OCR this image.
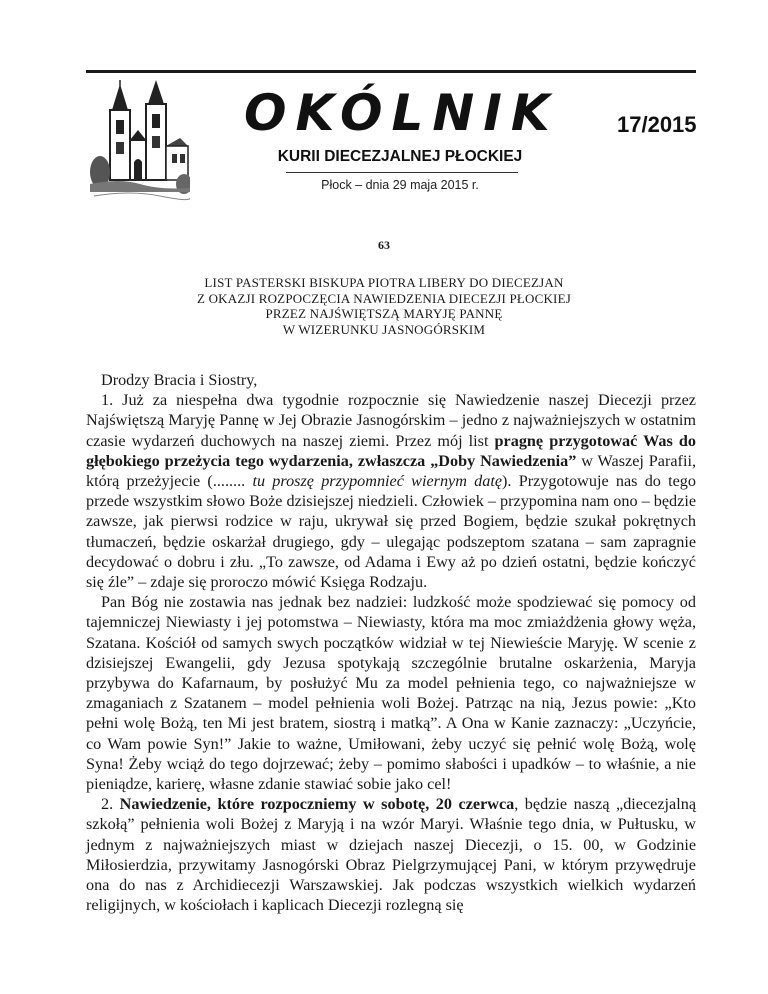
OKÓLNIK	17/2015
KURII DIECEZJALNEJ PŁOCKIEJ
Płock – dnia 29 maja 2015 r.
63
LIST PASTERSKI BISKUPA PIOTRA LIBERY DO DIECEZJAN
Z OKAZJI ROZPOCZĘCIA NAWIEDZENIA DIECEZJI PŁOCKIEJ
PRZEZ NAJŚWIĘTSZĄ MARYJĘ PANNĘ
W WIZERUNKU JASNOGÓRSKIM

Drodzy Bracia i Siostry,

1. Już za niespełna dwa tygodnie rozpocznie się Nawiedzenie naszej Diecezji przez Najświętszą Maryję Pannę w Jej Obrazie Jasnogórskim – jedno z najważniejszych w ostatnim czasie wydarzeń duchowych na naszej ziemi. Przez mój list pragnę przygotować Was do głębokiego przeżycia tego wydarzenia, zwłaszcza „Doby Nawiedzenia” w Waszej Parafii, którą przeżyjecie (........ tu proszę przypomnieć wiernym datę). Przygotowuje nas do tego przede wszystkim słowo Boże dzisiejszej niedzieli. Człowiek – przypomina nam ono – będzie zawsze, jak pierwsi rodzice w raju, ukrywał się przed Bogiem, będzie szukał pokrętnych tłumaczeń, będzie oskarżał drugiego, gdy – ulegając podszeptom szatana – sam zapragnie decydować o dobru i złu. „To zawsze, od Adama i Ewy aż po dzień ostatni, będzie kończyć się źle” – zdaje się proroczo mówić Księga Rodzaju.

Pan Bóg nie zostawia nas jednak bez nadziei: ludzkość może spodziewać się pomocy od tajemniczej Niewiasty i jej potomstwa – Niewiasty, która ma moc zmiażdżenia głowy węża, Szatana. Kościół od samych swych początków widział w tej Niewieście Maryję. W scenie z dzisiejszej Ewangelii, gdy Jezusa spotykają szczególnie brutalne oskarżenia, Maryja przybywa do Kafarnaum, by posłużyć Mu za model pełnienia tego, co najważniejsze w zmaganiach z Szatanem – model pełnienia woli Bożej. Patrząc na nią, Jezus powie: „Kto pełni wolę Bożą, ten Mi jest bratem, siostrą i matką”. A Ona w Kanie zaznaczy: „Uczyńcie, co Wam powie Syn!” Jakie to ważne, Umiłowani, żeby uczyć się pełnić wolę Bożą, wolę Syna! Żeby wciąż do tego dojrzewać; żeby – pomimo słabości i upadków – to właśnie, a nie pieniądze, karierę, własne zdanie stawiać sobie jako cel!

2. Nawiedzenie, które rozpoczniemy w sobotę, 20 czerwca, będzie naszą „diecezjalną szkołą” pełnienia woli Bożej z Maryją i na wzór Maryi. Właśnie tego dnia, w Pułtusku, w jednym z najważniejszych miast w dziejach naszej Diecezji, o 15. 00, w Godzinie Miłosierdzia, przywitamy Jasnogórski Obraz Pielgrzymującej Pani, w którym przywędruje ona do nas z Archidiecezji Warszawskiej. Jak podczas wszystkich wielkich wydarzeń religijnych, w kościołach i kaplicach Diecezji rozlegną się
